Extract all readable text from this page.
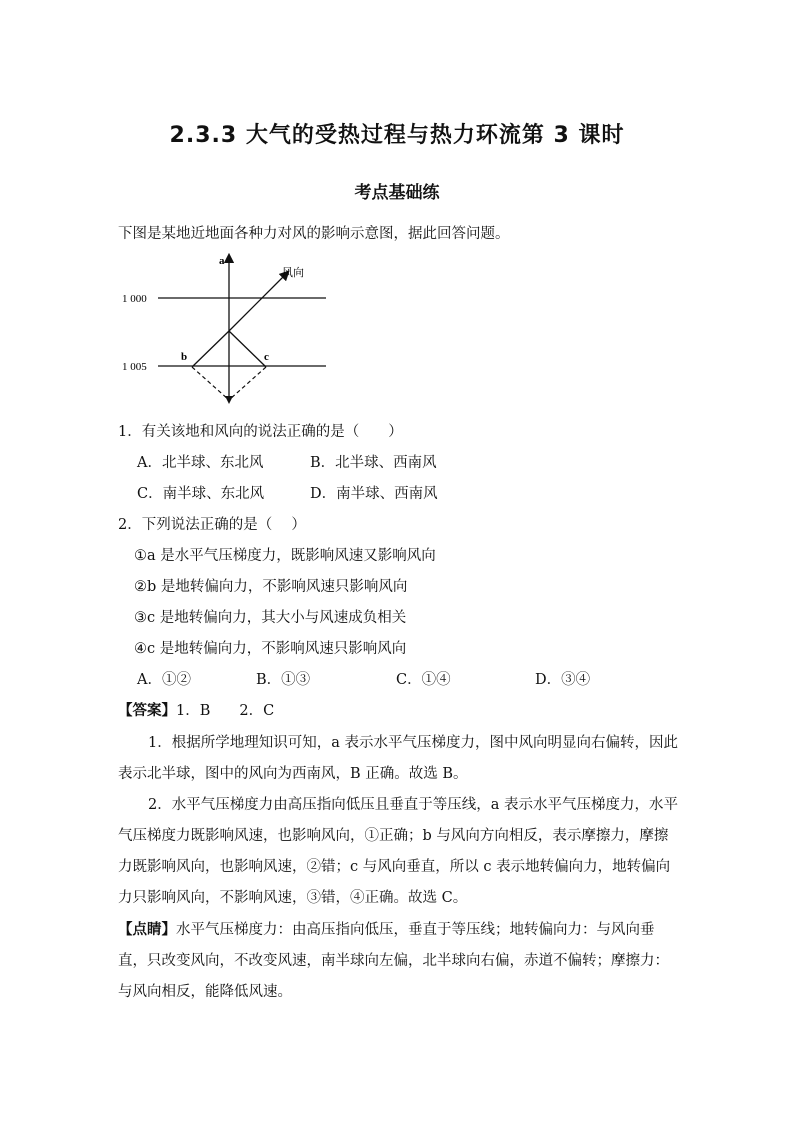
2.3.3 大气的受热过程与热力环流第 3 课时
考点基础练
下图是某地近地面各种力对风的影响示意图，据此回答问题。
1 000
1 005
a
风向
b	c
1．有关该地和风向的说法正确的是（　　）
A．北半球、东北风	B．北半球、西南风
C．南半球、东北风	D．南半球、西南风
2．下列说法正确的是（　 ）
①a 是水平气压梯度力，既影响风速又影响风向
②b 是地转偏向力，不影响风速只影响风向
③c 是地转偏向力，其大小与风速成负相关
④c 是地转偏向力，不影响风速只影响风向
A．①②	B．①③	C．①④	D．③④
【答案】1．B　　2．C
1．根据所学地理知识可知，a 表示水平气压梯度力，图中风向明显向右偏转，因此表示北半球，图中的风向为西南风，B 正确。故选 B。
2．水平气压梯度力由高压指向低压且垂直于等压线，a 表示水平气压梯度力，水平气压梯度力既影响风速，也影响风向，①正确；b 与风向方向相反，表示摩擦力，摩擦力既影响风向，也影响风速，②错；c 与风向垂直，所以 c 表示地转偏向力，地转偏向力只影响风向，不影响风速，③错，④正确。故选 C。
【点睛】水平气压梯度力：由高压指向低压，垂直于等压线；地转偏向力：与风向垂直，只改变风向，不改变风速，南半球向左偏，北半球向右偏，赤道不偏转；摩擦力：与风向相反，能降低风速。
